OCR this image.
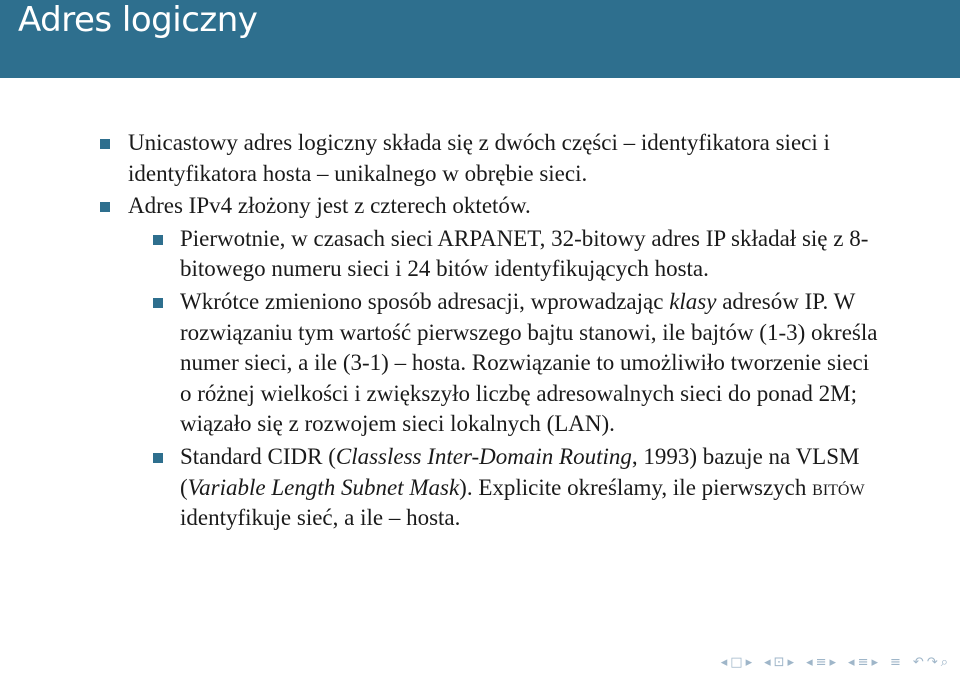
Adres logiczny
Unicastowy adres logiczny składa się z dwóch części – identyfikatora sieci i identyfikatora hosta – unikalnego w obrębie sieci.
Adres IPv4 złożony jest z czterech oktetów.
Pierwotnie, w czasach sieci ARPANET, 32-bitowy adres IP składał się z 8-bitowego numeru sieci i 24 bitów identyfikujących hosta.
Wkrótce zmieniono sposób adresacji, wprowadzając klasy adresów IP. W rozwiązaniu tym wartość pierwszego bajtu stanowi, ile bajtów (1-3) określa numer sieci, a ile (3-1) – hosta. Rozwiązanie to umożliwiło tworzenie sieci o różnej wielkości i zwiększyło liczbę adresowalnych sieci do ponad 2M; wiązało się z rozwojem sieci lokalnych (LAN).
Standard CIDR (Classless Inter-Domain Routing, 1993) bazuje na VLSM (Variable Length Subnet Mask). Explicite określamy, ile pierwszych bitów identyfikuje sieć, a ile – hosta.
◂ □ ▸ ◂ ⊡ ▸ ◂ ≡ ▸ ◂ ≡ ▸ ≡ ↶ ↷ ⌕
